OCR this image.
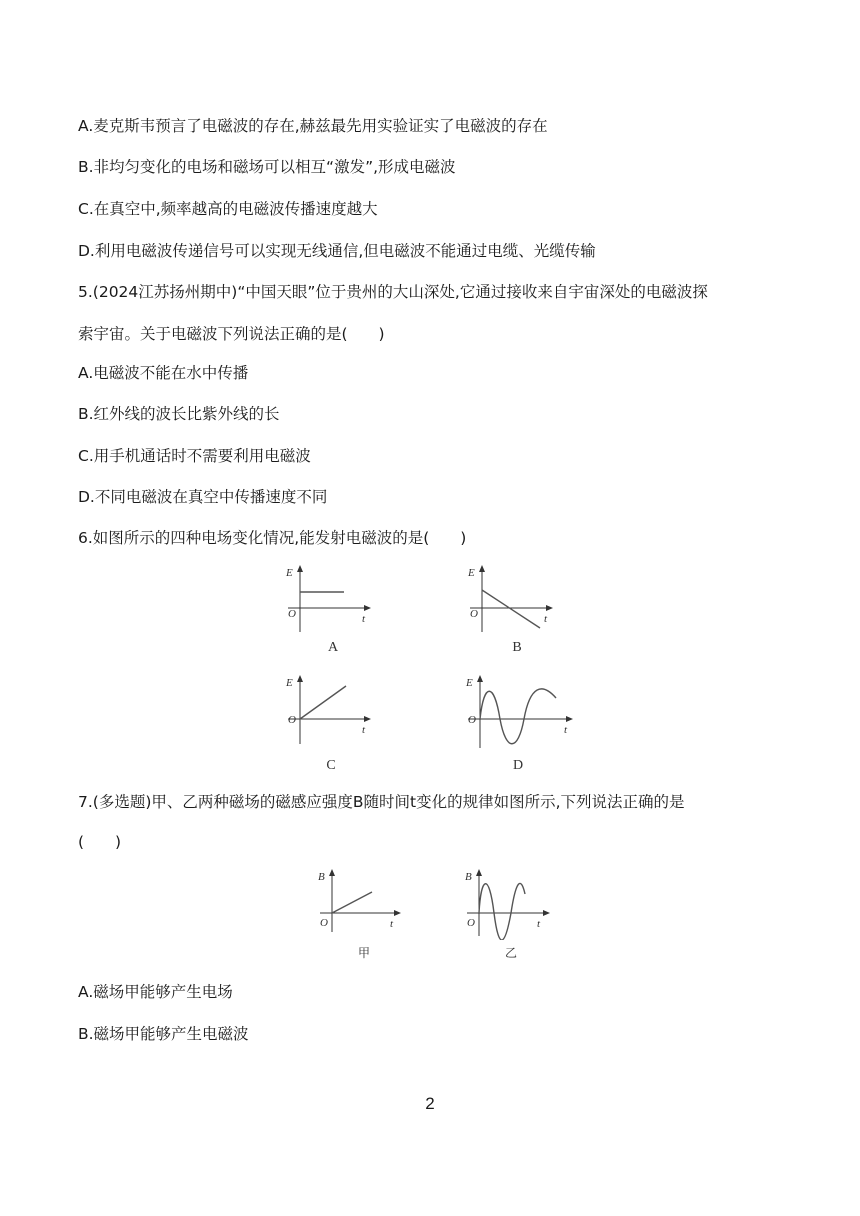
A.麦克斯韦预言了电磁波的存在,赫兹最先用实验证实了电磁波的存在
B.非均匀变化的电场和磁场可以相互“激发”,形成电磁波
C.在真空中,频率越高的电磁波传播速度越大
D.利用电磁波传递信号可以实现无线通信,但电磁波不能通过电缆、光缆传输
5.(2024江苏扬州期中)“中国天眼”位于贵州的大山深处,它通过接收来自宇宙深处的电磁波探
索宇宙。关于电磁波下列说法正确的是(　　)
A.电磁波不能在水中传播
B.红外线的波长比紫外线的长
C.用手机通话时不需要利用电磁波
D.不同电磁波在真空中传播速度不同
6.如图所示的四种电场变化情况,能发射电磁波的是(　　)
E
O	t
A
E
O	t
B
E
O
t
C
E
O
t
D
7.(多选题)甲、乙两种磁场的磁感应强度B随时间t变化的规律如图所示,下列说法正确的是
(　　)
B
O	t
甲
B
O	t
乙
A.磁场甲能够产生电场
B.磁场甲能够产生电磁波
2
